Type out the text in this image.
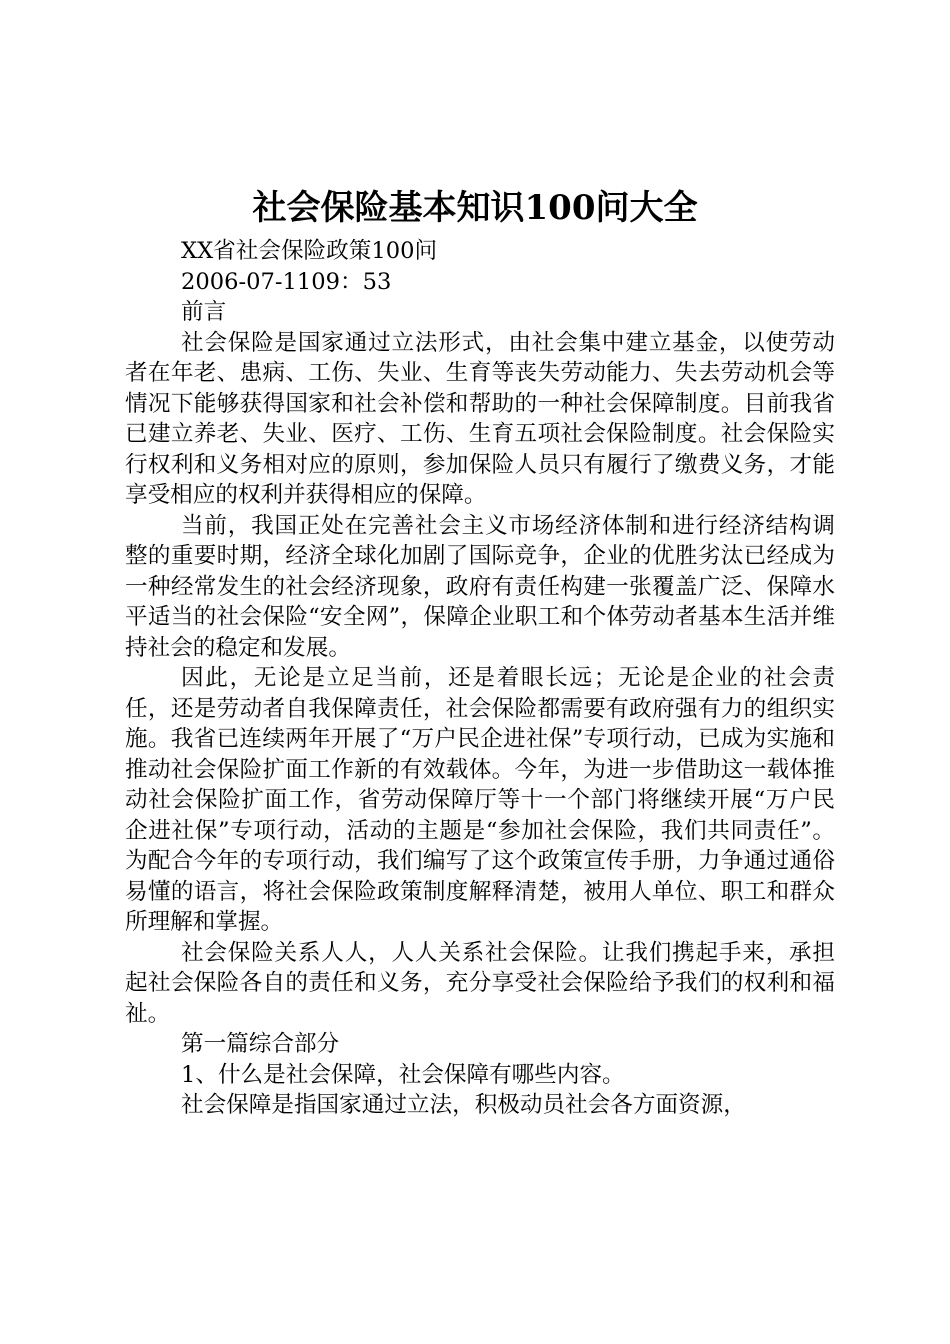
社会保险基本知识100问大全

XX省社会保险政策100问

2006-07-1109：53

前言

社会保险是国家通过立法形式，由社会集中建立基金，以使劳动者在年老、患病、工伤、失业、生育等丧失劳动能力、失去劳动机会等情况下能够获得国家和社会补偿和帮助的一种社会保障制度。目前我省已建立养老、失业、医疗、工伤、生育五项社会保险制度。社会保险实行权利和义务相对应的原则，参加保险人员只有履行了缴费义务，才能享受相应的权利并获得相应的保障。

当前，我国正处在完善社会主义市场经济体制和进行经济结构调整的重要时期，经济全球化加剧了国际竞争，企业的优胜劣汰已经成为一种经常发生的社会经济现象，政府有责任构建一张覆盖广泛、保障水平适当的社会保险“安全网”，保障企业职工和个体劳动者基本生活并维持社会的稳定和发展。

因此，无论是立足当前，还是着眼长远；无论是企业的社会责任，还是劳动者自我保障责任，社会保险都需要有政府强有力的组织实施。我省已连续两年开展了“万户民企进社保”专项行动，已成为实施和推动社会保险扩面工作新的有效载体。今年，为进一步借助这一载体推动社会保险扩面工作，省劳动保障厅等十一个部门将继续开展“万户民企进社保”专项行动，活动的主题是“参加社会保险，我们共同责任”。为配合今年的专项行动，我们编写了这个政策宣传手册，力争通过通俗易懂的语言，将社会保险政策制度解释清楚，被用人单位、职工和群众所理解和掌握。

社会保险关系人人，人人关系社会保险。让我们携起手来，承担起社会保险各自的责任和义务，充分享受社会保险给予我们的权利和福祉。

第一篇综合部分

1、什么是社会保障，社会保障有哪些内容。

社会保障是指国家通过立法，积极动员社会各方面资源，
